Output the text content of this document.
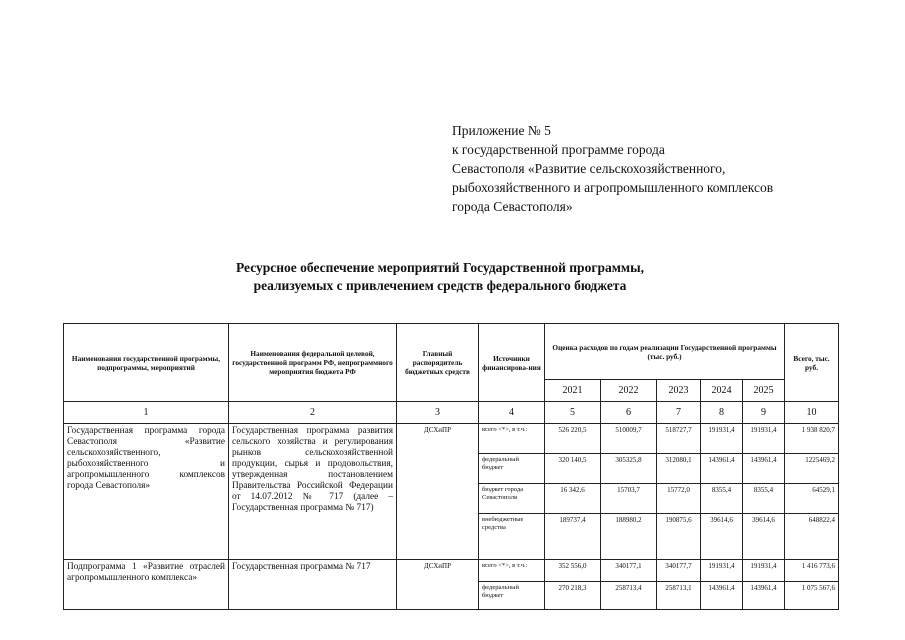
Приложение № 5
к государственной программе города
Севастополя «Развитие сельскохозяйственного,
рыбохозяйственного и агропромышленного комплексов
города Севастополя»
Ресурсное обеспечение мероприятий Государственной программы,
реализуемых с привлечением средств федерального бюджета
Наименования государственной программы, подпрограммы, мероприятий	Наименования федеральной целевой, государственной программ РФ, непрограммного мероприятия бюджета РФ	Главный распорядитель бюджетных средств	Источники финансирова-ния	Оценка расходов по годам реализации Государственной программы (тыс. руб.)					Всего, тыс. руб.
				2021	2022	2023	2024	2025	
1	2	3	4	5	6	7	8	9	10
Государственная программа города Севастополя «Развитие сельскохозяйственного, рыбохозяйственного и агропромышленного комплексов города Севастополя»	Государственная программа развития сельского хозяйства и регулирования рынков сельскохозяйственной продукции, сырья и продовольствия, утвержденная постановлением Правительства Российской Федерации от 14.07.2012 № 717 (далее – Государственная программа № 717)	ДСХиПР	всего <*>, в т.ч.:	526 220,5	510009,7	518727,7	191931,4	191931,4	1 938 820,7
			федеральный бюджет	320 140,5	305325,8	312080,1	143961,4	143961,4	1225469,2
			бюджет города Севастополя	16 342,6	15703,7	15772,0	8355,4	8355,4	64529,1
			внебюджетные средства	189737,4	188980,2	190875,6	39614,6	39614,6	648822,4
Подпрограмма 1 «Развитие отраслей агропромышленного комплекса»	Государственная программа № 717	ДСХиПР	всего <*>, в т.ч.:	352 556,0	340177,1	340177,7	191931,4	191931,4	1 416 773,6
			федеральный бюджет	270 218,3	258713,4	258713,1	143961,4	143961,4	1 075 567,6
